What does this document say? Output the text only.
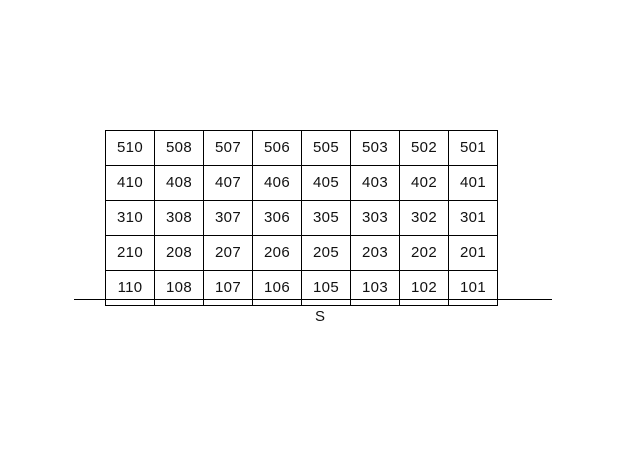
510	508	507	506	505	503	502	501
410	408	407	406	405	403	402	401
310	308	307	306	305	303	302	301
210	208	207	206	205	203	202	201
110	108	107	106	105	103	102	101
S
